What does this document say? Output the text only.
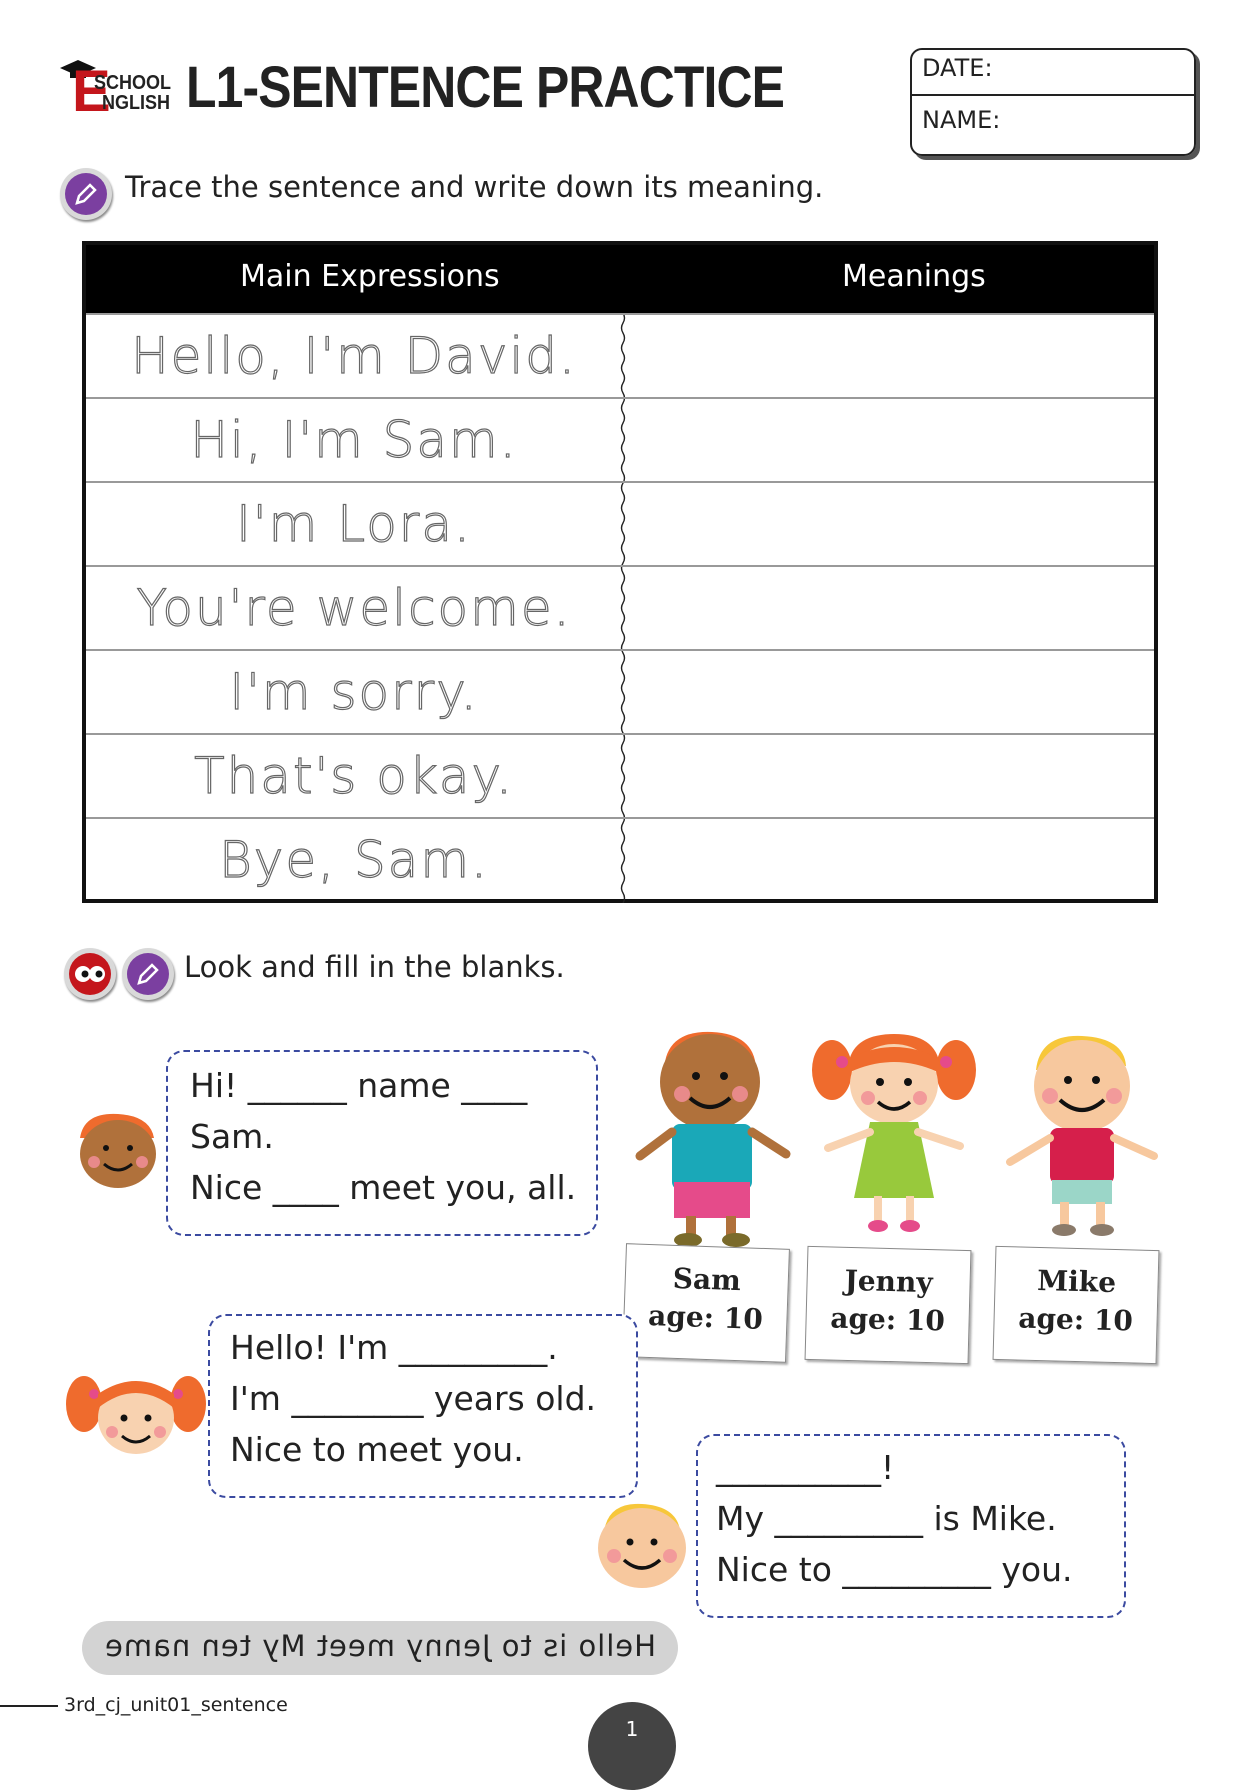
E
SCHOOL
NGLISH L1-SENTENCE PRACTICE	DATE:
NAME:
Trace the sentence and write down its meaning.
Main Expressions	Meanings
Hello, I'm David.
Hi, I'm Sam.
I'm Lora.
You're welcome.
I'm sorry.
That's okay.
Bye, Sam.
Look and fill in the blanks.
Hi! ______ name ____
Sam.
Nice ____ meet you, all.
Sam
age: 10
Jenny
age: 10
Mike
age: 10
Hello! I'm _________.
I'm ________ years old.
Nice to meet you.	__________!
My _________ is Mike.
Nice to _________ you.
Hello is to Jenny meet My ten name
3rd_cj_unit01_sentence
1
